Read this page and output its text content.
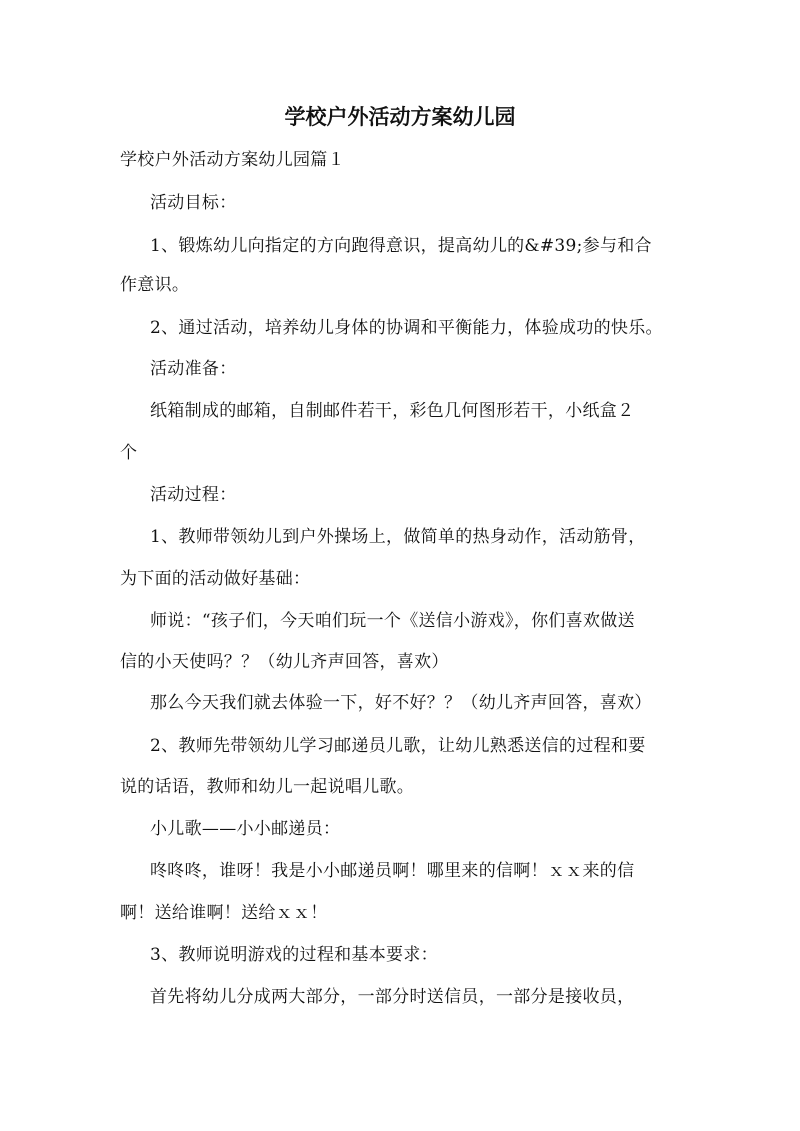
学校户外活动方案幼儿园
学校户外活动方案幼儿园篇１
活动目标：
1、锻炼幼儿向指定的方向跑得意识，提高幼儿的&#39;参与和合
作意识。
2、通过活动，培养幼儿身体的协调和平衡能力，体验成功的快乐。
活动准备：
纸箱制成的邮箱，自制邮件若干，彩色几何图形若干，小纸盒２
个
活动过程：
1、教师带领幼儿到户外操场上，做简单的热身动作，活动筋骨，
为下面的活动做好基础：
师说：“孩子们，今天咱们玩一个《送信小游戏》，你们喜欢做送
信的小天使吗？？（幼儿齐声回答，喜欢）
那么今天我们就去体验一下，好不好？？（幼儿齐声回答，喜欢）
2、教师先带领幼儿学习邮递员儿歌，让幼儿熟悉送信的过程和要
说的话语，教师和幼儿一起说唱儿歌。
小儿歌——小小邮递员：
咚咚咚，谁呀！我是小小邮递员啊！哪里来的信啊！ｘｘ来的信
啊！送给谁啊！送给ｘｘ！
3、教师说明游戏的过程和基本要求：
首先将幼儿分成两大部分，一部分时送信员，一部分是接收员，
